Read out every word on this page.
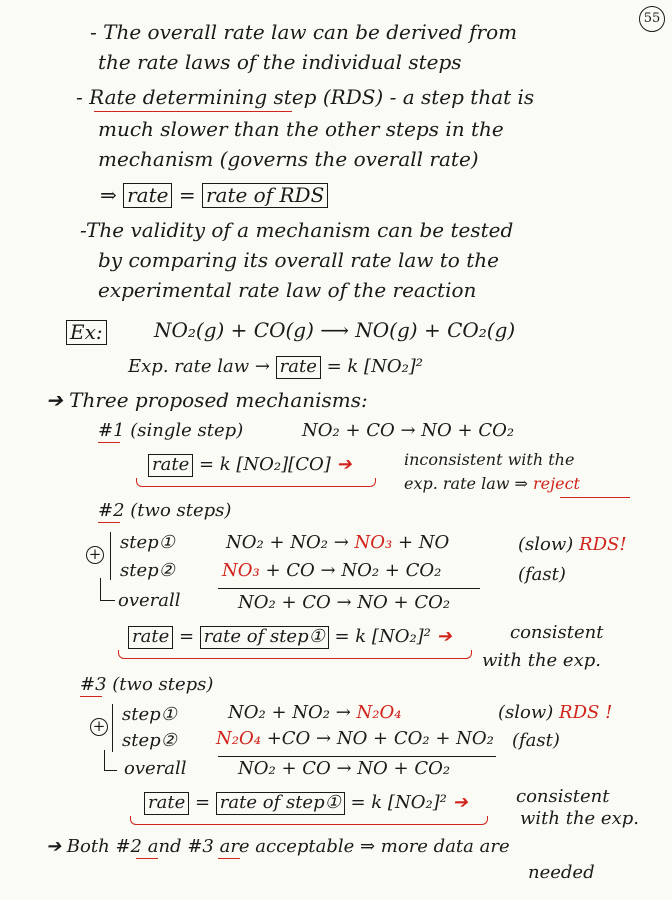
55
- The overall rate law can be derived from
the rate laws of the individual steps
- Rate determining step (RDS) - a step that is
much slower than the other steps in the
mechanism (governs the overall rate)
⇒ rate = rate of RDS
-The validity of a mechanism can be tested
by comparing its overall rate law to the
experimental rate law of the reaction
Ex:	NO₂(g) + CO(g) ⟶ NO(g) + CO₂(g)
Exp. rate law → rate = k [NO₂]²
➔ Three proposed mechanisms:
#1 (single step)	NO₂ + CO → NO + CO₂
rate = k [NO₂][CO] ➔	inconsistent with the
exp. rate law ⇒ reject
#2 (two steps)
+
step①	NO₂ + NO₂ → NO₃ + NO	(slow) RDS!
step②	NO₃ + CO → NO₂ + CO₂	(fast)
overall	NO₂ + CO → NO + CO₂
rate = rate of step① = k [NO₂]² ➔	consistent
with the exp.
#3 (two steps)
+
step①	NO₂ + NO₂ → N₂O₄	(slow) RDS !
step② N₂O₄ +CO → NO + CO₂ + NO₂ (fast)
overall	NO₂ + CO → NO + CO₂
rate = rate of step① = k [NO₂]² ➔	consistent
with the exp.
➔ Both #2 and #3 are acceptable ⇒ more data are
needed
